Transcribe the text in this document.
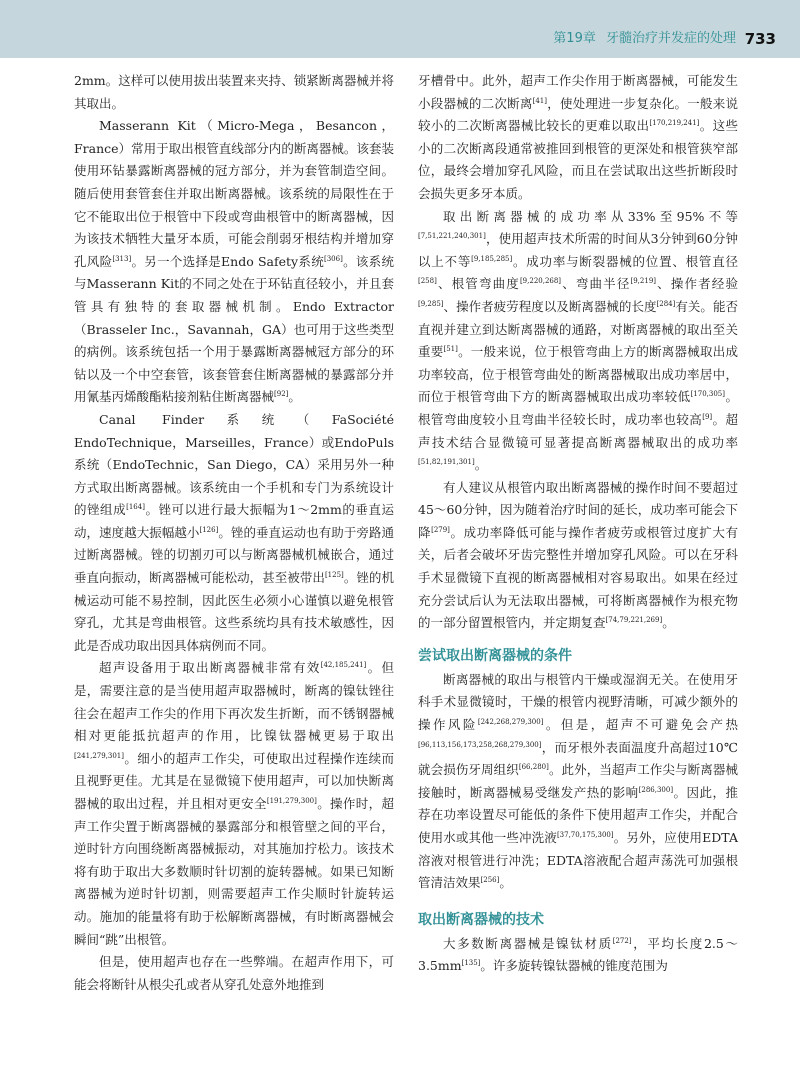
第19章 牙髓治疗并发症的处理 733

2mm。这样可以使用拔出装置来夹持、锁紧断离器械并将其取出。

Masserann Kit（Micro-Mega，Besancon，France）常用于取出根管直线部分内的断离器械。该套装使用环钻暴露断离器械的冠方部分，并为套管制造空间。随后使用套管套住并取出断离器械。该系统的局限性在于它不能取出位于根管中下段或弯曲根管中的断离器械，因为该技术牺牲大量牙本质，可能会削弱牙根结构并增加穿孔风险[313]。另一个选择是Endo Safety系统[306]。该系统与Masserann Kit的不同之处在于环钻直径较小，并且套管具有独特的套取器械机制。Endo Extractor（Brasseler Inc.，Savannah，GA）也可用于这些类型的病例。该系统包括一个用于暴露断离器械冠方部分的环钻以及一个中空套管，该套管套住断离器械的暴露部分并用氰基丙烯酸酯粘接剂粘住断离器械[92]。

Canal Finder系统（FaSociété EndoTechnique，Marseilles，France）或EndoPuls系统（EndoTechnic，San Diego，CA）采用另外一种方式取出断离器械。该系统由一个手机和专门为系统设计的锉组成[164]。锉可以进行最大振幅为1～2mm的垂直运动，速度越大振幅越小[126]。锉的垂直运动也有助于旁路通过断离器械。锉的切割刃可以与断离器械机械嵌合，通过垂直向振动，断离器械可能松动，甚至被带出[125]。锉的机械运动可能不易控制，因此医生必须小心谨慎以避免根管穿孔，尤其是弯曲根管。这些系统均具有技术敏感性，因此是否成功取出因具体病例而不同。

超声设备用于取出断离器械非常有效[42,185,241]。但是，需要注意的是当使用超声取器械时，断离的镍钛锉往往会在超声工作尖的作用下再次发生折断，而不锈钢器械相对更能抵抗超声的作用，比镍钛器械更易于取出[241,279,301]。细小的超声工作尖，可使取出过程操作连续而且视野更佳。尤其是在显微镜下使用超声，可以加快断离器械的取出过程，并且相对更安全[191,279,300]。操作时，超声工作尖置于断离器械的暴露部分和根管壁之间的平台，逆时针方向围绕断离器械振动，对其施加拧松力。该技术将有助于取出大多数顺时针切割的旋转器械。如果已知断离器械为逆时针切割，则需要超声工作尖顺时针旋转运动。施加的能量将有助于松解断离器械，有时断离器械会瞬间“跳”出根管。

但是，使用超声也存在一些弊端。在超声作用下，可能会将断针从根尖孔或者从穿孔处意外地推到

牙槽骨中。此外，超声工作尖作用于断离器械，可能发生小段器械的二次断离[41]，使处理进一步复杂化。一般来说较小的二次断离器械比较长的更难以取出[170,219,241]。这些小的二次断离段通常被推回到根管的更深处和根管狭窄部位，最终会增加穿孔风险，而且在尝试取出这些折断段时会损失更多牙本质。

取出断离器械的成功率从33%至95%不等[7,51,221,240,301]，使用超声技术所需的时间从3分钟到60分钟以上不等[9,185,285]。成功率与断裂器械的位置、根管直径[258]、根管弯曲度[9,220,268]、弯曲半径[9,219]、操作者经验[9,285]、操作者疲劳程度以及断离器械的长度[284]有关。能否直视并建立到达断离器械的通路，对断离器械的取出至关重要[51]。一般来说，位于根管弯曲上方的断离器械取出成功率较高，位于根管弯曲处的断离器械取出成功率居中，而位于根管弯曲下方的断离器械取出成功率较低[170,305]。根管弯曲度较小且弯曲半径较长时，成功率也较高[9]。超声技术结合显微镜可显著提高断离器械取出的成功率[51,82,191,301]。

有人建议从根管内取出断离器械的操作时间不要超过45～60分钟，因为随着治疗时间的延长，成功率可能会下降[279]。成功率降低可能与操作者疲劳或根管过度扩大有关，后者会破坏牙齿完整性并增加穿孔风险。可以在牙科手术显微镜下直视的断离器械相对容易取出。如果在经过充分尝试后认为无法取出器械，可将断离器械作为根充物的一部分留置根管内，并定期复查[74,79,221,269]。

尝试取出断离器械的条件

断离器械的取出与根管内干燥或湿润无关。在使用牙科手术显微镜时，干燥的根管内视野清晰，可减少额外的操作风险[242,268,279,300]。但是，超声不可避免会产热[96,113,156,173,258,268,279,300]，而牙根外表面温度升高超过10℃就会损伤牙周组织[66,280]。此外，当超声工作尖与断离器械接触时，断离器械易受继发产热的影响[286,300]。因此，推荐在功率设置尽可能低的条件下使用超声工作尖，并配合使用水或其他一些冲洗液[37,70,175,300]。另外，应使用EDTA溶液对根管进行冲洗；EDTA溶液配合超声荡洗可加强根管清洁效果[256]。

取出断离器械的技术

大多数断离器械是镍钛材质[272]，平均长度2.5～3.5mm[135]。许多旋转镍钛器械的锥度范围为
